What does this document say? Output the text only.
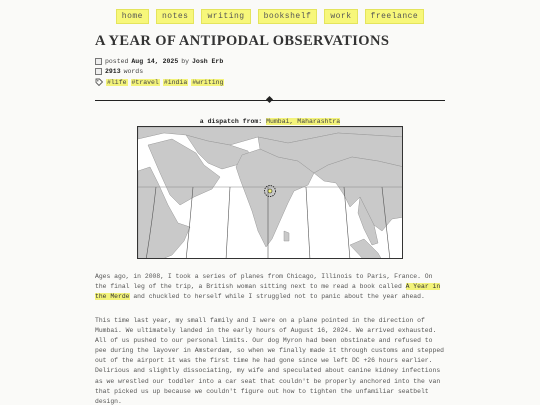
home	notes	writing	bookshelf	work	freelance
A YEAR OF ANTIPODAL OBSERVATIONS
posted Aug 14, 2025 by Josh Erb
2913 words
#life #travel #india #writing
a dispatch from: Mumbai, Maharashtra

Ages ago, in 2008, I took a series of planes from Chicago, Illinois to Paris, France. On the final leg of the trip, a British woman sitting next to me read a book called A Year in the Merde and chuckled to herself while I struggled not to panic about the year ahead.

This time last year, my small family and I were on a plane pointed in the direction of Mumbai. We ultimately landed in the early hours of August 16, 2024. We arrived exhausted. All of us pushed to our personal limits. Our dog Myron had been obstinate and refused to pee during the layover in Amsterdam, so when we finally made it through customs and stepped out of the airport it was the first time he had gone since we left DC +26 hours earlier. Delirious and slightly dissociating, my wife and speculated about canine kidney infections as we wrestled our toddler into a car seat that couldn't be properly anchored into the van that picked us up because we couldn't figure out how to tighten the unfamiliar seatbelt design.
